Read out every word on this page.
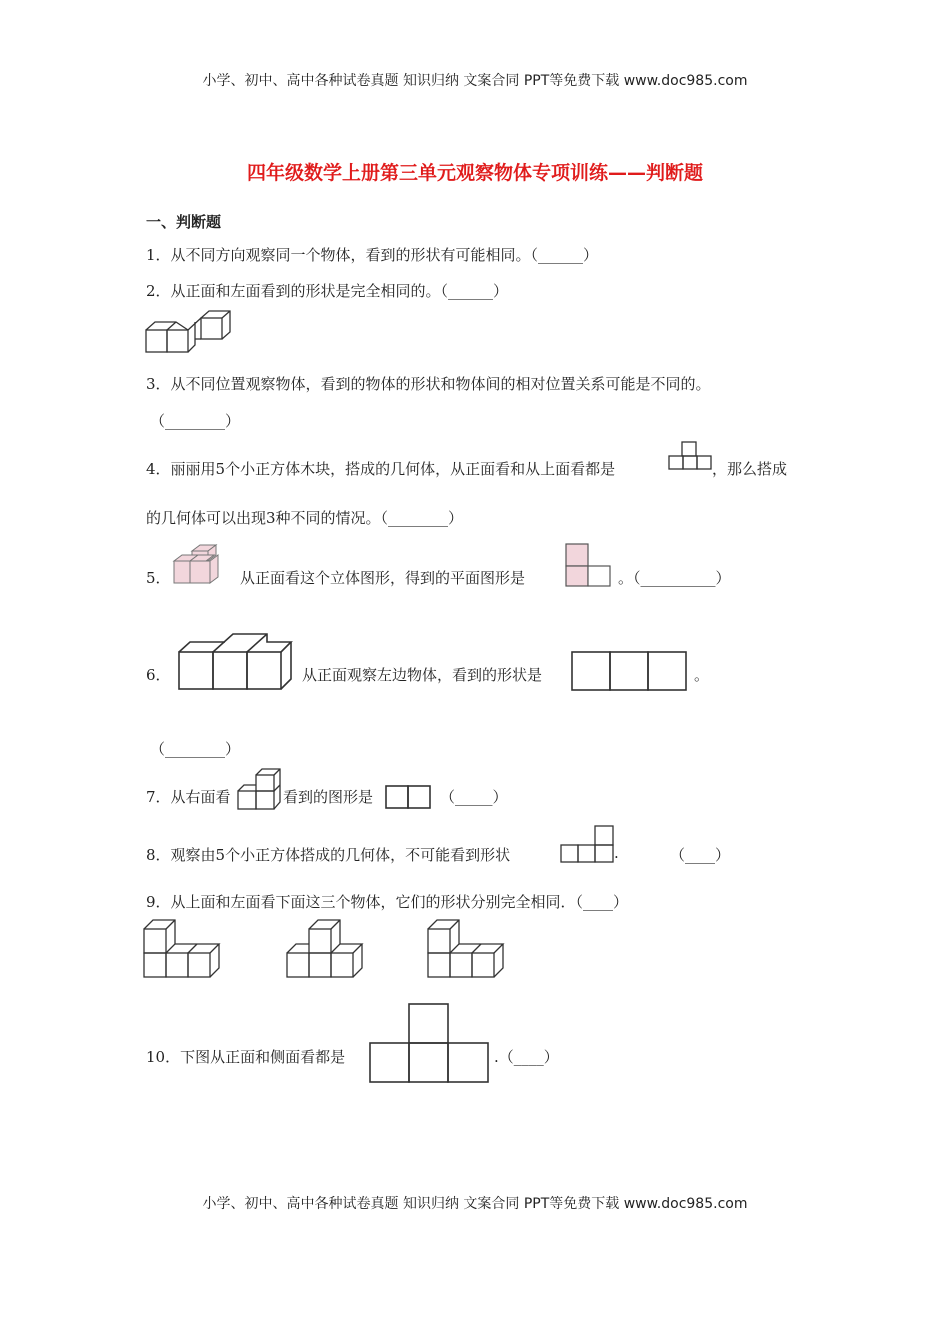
小学、初中、高中各种试卷真题 知识归纳 文案合同 PPT等免费下载 www.doc985.com
四年级数学上册第三单元观察物体专项训练——判断题
一、判断题
1．从不同方向观察同一个物体，看到的形状有可能相同。（______）
2．从正面和左面看到的形状是完全相同的。（______）
3．从不同位置观察物体，看到的物体的形状和物体间的相对位置关系可能是不同的。
（________）
4．丽丽用5个小正方体木块，搭成的几何体，从正面看和从上面看都是	，那么搭成
的几何体可以出现3种不同的情况。（________）
5．	从正面看这个立体图形，得到的平面图形是	。（__________）
6．	从正面观察左边物体，看到的形状是	。
（________）
7．从右面看	看到的图形是	（_____）
8．观察由5个小正方体搭成的几何体，不可能看到形状	.	（____）
9．从上面和左面看下面这三个物体，它们的形状分别完全相同．（____）
10．下图从正面和侧面看都是	.（____）
小学、初中、高中各种试卷真题 知识归纳 文案合同 PPT等免费下载 www.doc985.com
